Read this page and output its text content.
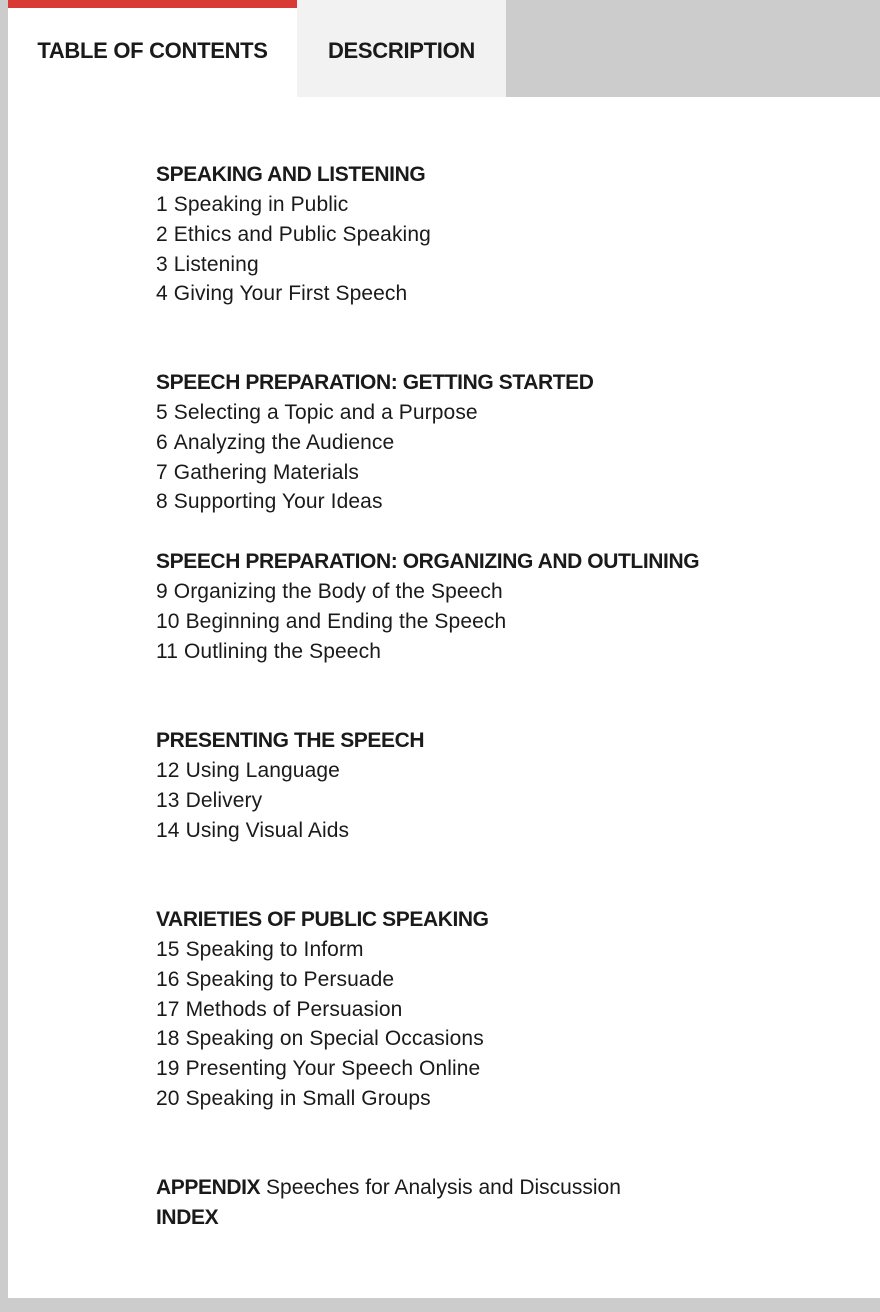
TABLE OF CONTENTS	DESCRIPTION
SPEAKING AND LISTENING
1 Speaking in Public
2 Ethics and Public Speaking
3 Listening
4 Giving Your First Speech
SPEECH PREPARATION: GETTING STARTED
5 Selecting a Topic and a Purpose
6 Analyzing the Audience
7 Gathering Materials
8 Supporting Your Ideas
SPEECH PREPARATION: ORGANIZING AND OUTLINING
9 Organizing the Body of the Speech
10 Beginning and Ending the Speech
11 Outlining the Speech
PRESENTING THE SPEECH
12 Using Language
13 Delivery
14 Using Visual Aids
VARIETIES OF PUBLIC SPEAKING
15 Speaking to Inform
16 Speaking to Persuade
17 Methods of Persuasion
18 Speaking on Special Occasions
19 Presenting Your Speech Online
20 Speaking in Small Groups
APPENDIX Speeches for Analysis and Discussion
INDEX
